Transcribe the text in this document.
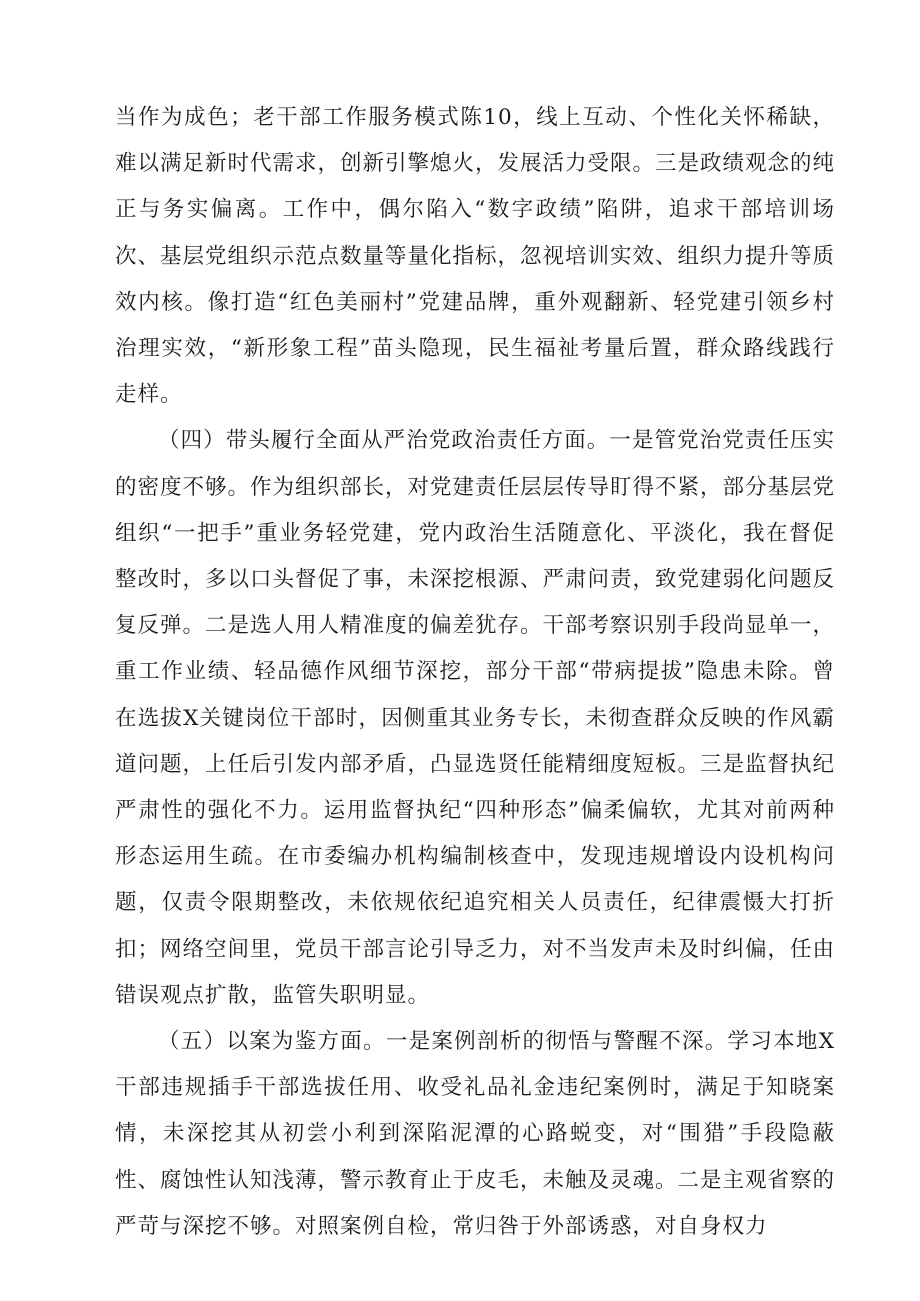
当作为成色；老干部工作服务模式陈10，线上互动、个性化关怀稀缺，难以满足新时代需求，创新引擎熄火，发展活力受限。三是政绩观念的纯正与务实偏离。工作中，偶尔陷入“数字政绩”陷阱，追求干部培训场次、基层党组织示范点数量等量化指标，忽视培训实效、组织力提升等质效内核。像打造“红色美丽村”党建品牌，重外观翻新、轻党建引领乡村治理实效，“新形象工程”苗头隐现，民生福祉考量后置，群众路线践行走样。

（四）带头履行全面从严治党政治责任方面。一是管党治党责任压实的密度不够。作为组织部长，对党建责任层层传导盯得不紧，部分基层党组织“一把手”重业务轻党建，党内政治生活随意化、平淡化，我在督促整改时，多以口头督促了事，未深挖根源、严肃问责，致党建弱化问题反复反弹。二是选人用人精准度的偏差犹存。干部考察识别手段尚显单一，重工作业绩、轻品德作风细节深挖，部分干部“带病提拔”隐患未除。曾在选拔X关键岗位干部时，因侧重其业务专长，未彻查群众反映的作风霸道问题，上任后引发内部矛盾，凸显选贤任能精细度短板。三是监督执纪严肃性的强化不力。运用监督执纪“四种形态”偏柔偏软，尤其对前两种形态运用生疏。在市委编办机构编制核查中，发现违规增设内设机构问题，仅责令限期整改，未依规依纪追究相关人员责任，纪律震慑大打折扣；网络空间里，党员干部言论引导乏力，对不当发声未及时纠偏，任由错误观点扩散，监管失职明显。

（五）以案为鉴方面。一是案例剖析的彻悟与警醒不深。学习本地X干部违规插手干部选拔任用、收受礼品礼金违纪案例时，满足于知晓案情，未深挖其从初尝小利到深陷泥潭的心路蜕变，对“围猎”手段隐蔽性、腐蚀性认知浅薄，警示教育止于皮毛，未触及灵魂。二是主观省察的严苛与深挖不够。对照案例自检，常归咎于外部诱惑，对自身权力
